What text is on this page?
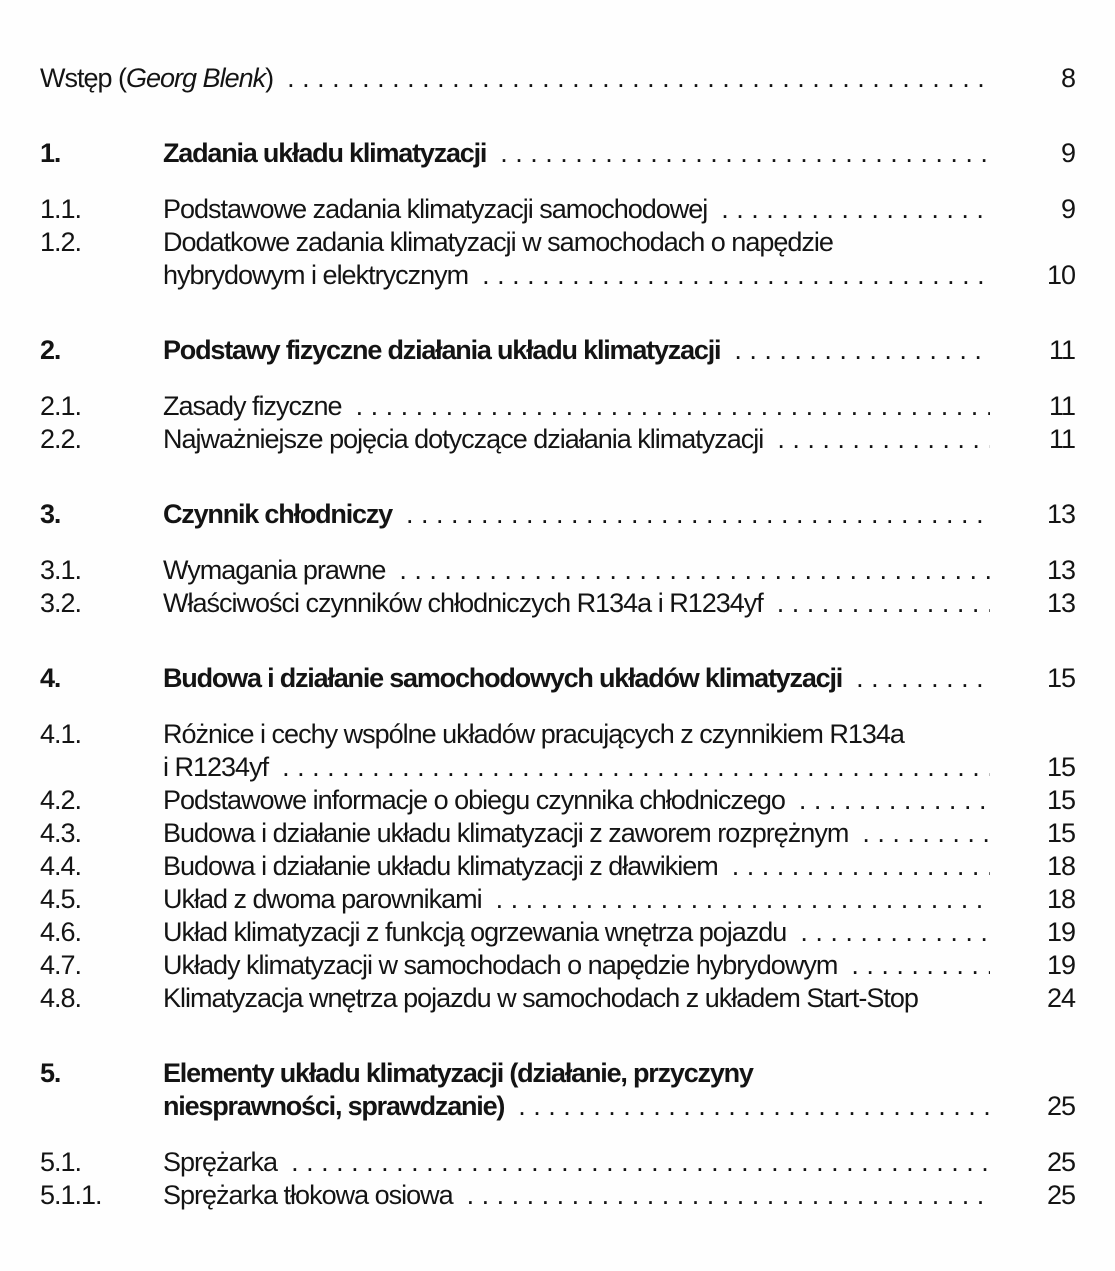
Wstęp (Georg Blenk) . . .	8
1.	Zadania układu klimatyzacji . . .	9
1.1.	Podstawowe zadania klimatyzacji samochodowej . . .	9
1.2.	Dodatkowe zadania klimatyzacji w samochodach o napędzie
hybrydowym i elektrycznym . . .	10
2.	Podstawy fizyczne działania układu klimatyzacji . . .	11
2.1.	Zasady fizyczne . . .	11
2.2.	Najważniejsze pojęcia dotyczące działania klimatyzacji . . .	11
3.	Czynnik chłodniczy . . .	13
3.1.	Wymagania prawne . . .	13
3.2.	Właściwości czynników chłodniczych R134a i R1234yf . . .	13
4.	Budowa i działanie samochodowych układów klimatyzacji . . .	15
4.1.	Różnice i cechy wspólne układów pracujących z czynnikiem R134a
i R1234yf . . .	15
4.2.	Podstawowe informacje o obiegu czynnika chłodniczego . . .	15
4.3.	Budowa i działanie układu klimatyzacji z zaworem rozprężnym . . .	15
4.4.	Budowa i działanie układu klimatyzacji z dławikiem . . .	18
4.5.	Układ z dwoma parownikami . . .	18
4.6.	Układ klimatyzacji z funkcją ogrzewania wnętrza pojazdu . . .	19
4.7.	Układy klimatyzacji w samochodach o napędzie hybrydowym . . .	19
4.8.	Klimatyzacja wnętrza pojazdu w samochodach z układem Start-Stop	24
5.	Elementy układu klimatyzacji (działanie, przyczyny
niesprawności, sprawdzanie) . . .	25
5.1.	Sprężarka . . .	25
5.1.1.	Sprężarka tłokowa osiowa . . .	25
